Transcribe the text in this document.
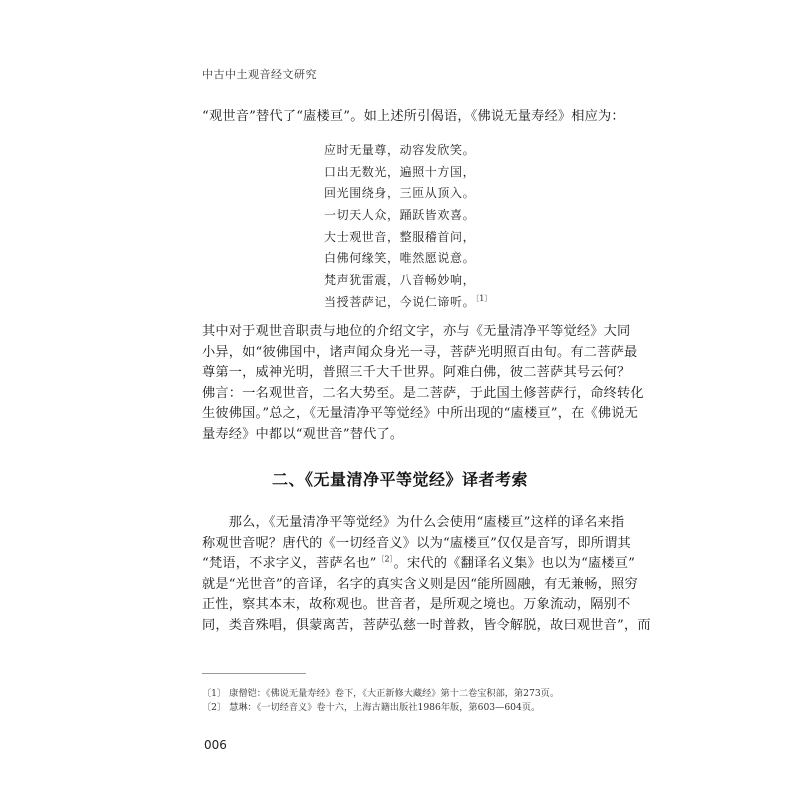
中古中土观音经文研究

“观世音”替代了“廅楼亘”。如上述所引偈语，《佛说无量寿经》相应为：

应时无量尊，动容发欣笑。
口出无数光，遍照十方国，
回光围绕身，三匝从顶入。
一切天人众，踊跃皆欢喜。
大士观世音，整服稽首问，
白佛何缘笑，唯然愿说意。
梵声犹雷震，八音畅妙响，
当授菩萨记，今说仁谛听。$^{〔1〕}$

其中对于观世音职责与地位的介绍文字，亦与《无量清净平等觉经》大同
小异，如“彼佛国中，诸声闻众身光一寻，菩萨光明照百由旬。有二菩萨最
尊第一，威神光明，普照三千大千世界。阿难白佛，彼二菩萨其号云何？
佛言：一名观世音，二名大势至。是二菩萨，于此国土修菩萨行，命终转化
生彼佛国。”总之，《无量清净平等觉经》中所出现的“廅楼亘”，在《佛说无
量寿经》中都以“观世音”替代了。

二、《无量清净平等觉经》译者考索

　　那么，《无量清净平等觉经》为什么会使用“廅楼亘”这样的译名来指
称观世音呢？唐代的《一切经音义》以为“廅楼亘”仅仅是音写，即所谓其
“梵语，不求字义，菩萨名也”$^{〔2〕}$。宋代的《翻译名义集》也以为“廅楼亘”
就是“光世音”的音译，名字的真实含义则是因“能所圆融，有无兼畅，照穷
正性，察其本末，故称观也。世音者，是所观之境也。万象流动，隔别不
同，类音殊唱，俱蒙离苦，菩萨弘慈一时普救，皆令解脱，故曰观世音”，而

〔1〕 康僧铠：《佛说无量寿经》卷下，《大正新修大藏经》第十二卷宝积部，第273页。
〔2〕 慧琳：《一切经音义》卷十六，上海古籍出版社1986年版，第603—604页。
006
